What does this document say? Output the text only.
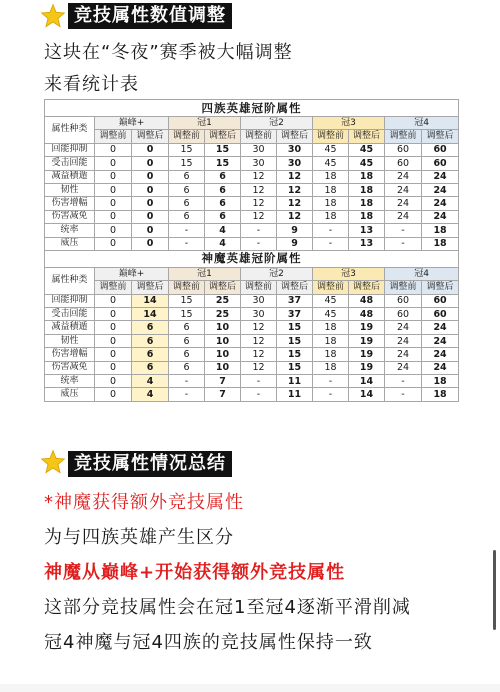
竞技属性数值调整
这块在“冬夜”赛季被大幅调整
来看统计表
四族英雄冠阶属性										
属性种类	巅峰+		冠1		冠2		冠3		冠4	
	调整前	调整后	调整前	调整后	调整前	调整后	调整前	调整后	调整前	调整后
回能抑制	0	0	15	15	30	30	45	45	60	60
受击回能	0	0	15	15	30	30	45	45	60	60
减益積遁	0	0	6	6	12	12	18	18	24	24
韧性	0	0	6	6	12	12	18	18	24	24
伤害增幅	0	0	6	6	12	12	18	18	24	24
伤害减免	0	0	6	6	12	12	18	18	24	24
统率	0	0	-	4	-	9	-	13	-	18
威压	0	0	-	4	-	9	-	13	-	18
神魔英雄冠阶属性										
属性种类	巅峰+		冠1		冠2		冠3		冠4	
	调整前	调整后	调整前	调整后	调整前	调整后	调整前	调整后	调整前	调整后
回能抑制	0	14	15	25	30	37	45	48	60	60
受击回能	0	14	15	25	30	37	45	48	60	60
减益積遁	0	6	6	10	12	15	18	19	24	24
韧性	0	6	6	10	12	15	18	19	24	24
伤害增幅	0	6	6	10	12	15	18	19	24	24
伤害减免	0	6	6	10	12	15	18	19	24	24
统率	0	4	-	7	-	11	-	14	-	18
威压	0	4	-	7	-	11	-	14	-	18
竞技属性情况总结
*神魔获得额外竞技属性
为与四族英雄产生区分
神魔从巅峰+开始获得额外竞技属性
这部分竞技属性会在冠1至冠4逐渐平滑削减
冠4神魔与冠4四族的竞技属性保持一致
